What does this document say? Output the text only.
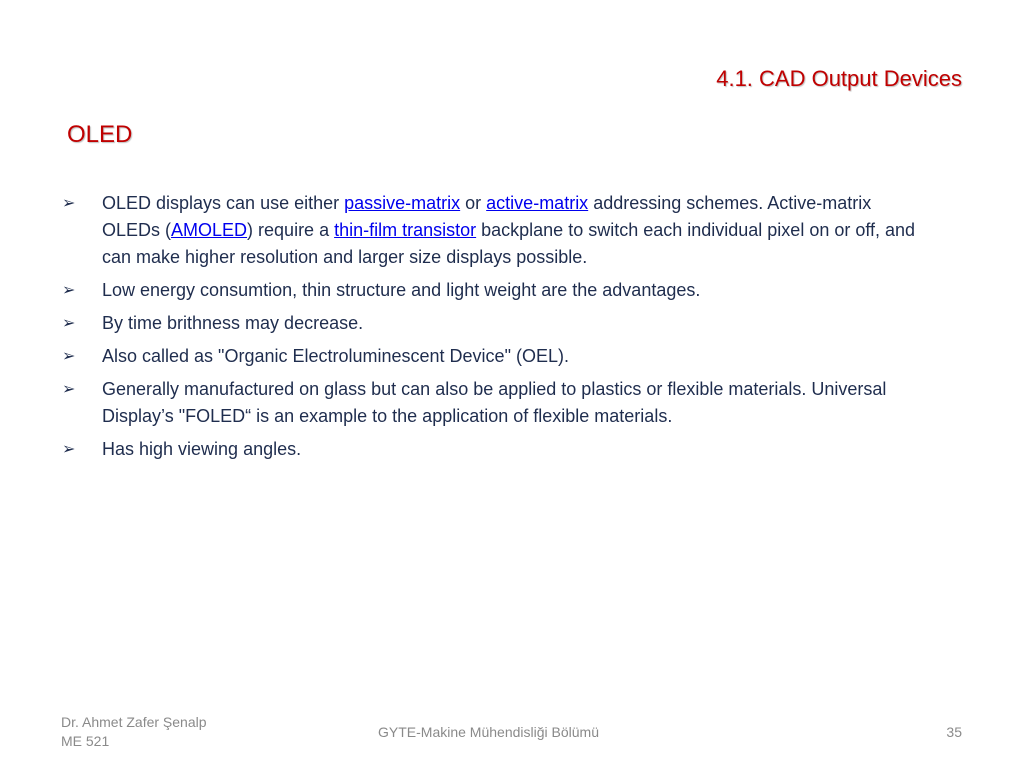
4.1. CAD Output Devices
OLED
➢	OLED displays can use either passive-matrix or active-matrix addressing schemes. Active-matrix OLEDs (AMOLED) require a thin-film transistor backplane to switch each individual pixel on or off, and can make higher resolution and larger size displays possible.
➢	Low energy consumtion, thin structure and light weight are the advantages.
➢	By time brithness may decrease.
➢	Also called as "Organic Electroluminescent Device" (OEL).
➢	Generally manufactured on glass but can also be applied to plastics or flexible materials. Universal Display’s "FOLED“ is an example to the application of flexible materials.
➢	Has high viewing angles.
Dr. Ahmet Zafer Şenalp
ME 521
GYTE-Makine Mühendisliği Bölümü	35
